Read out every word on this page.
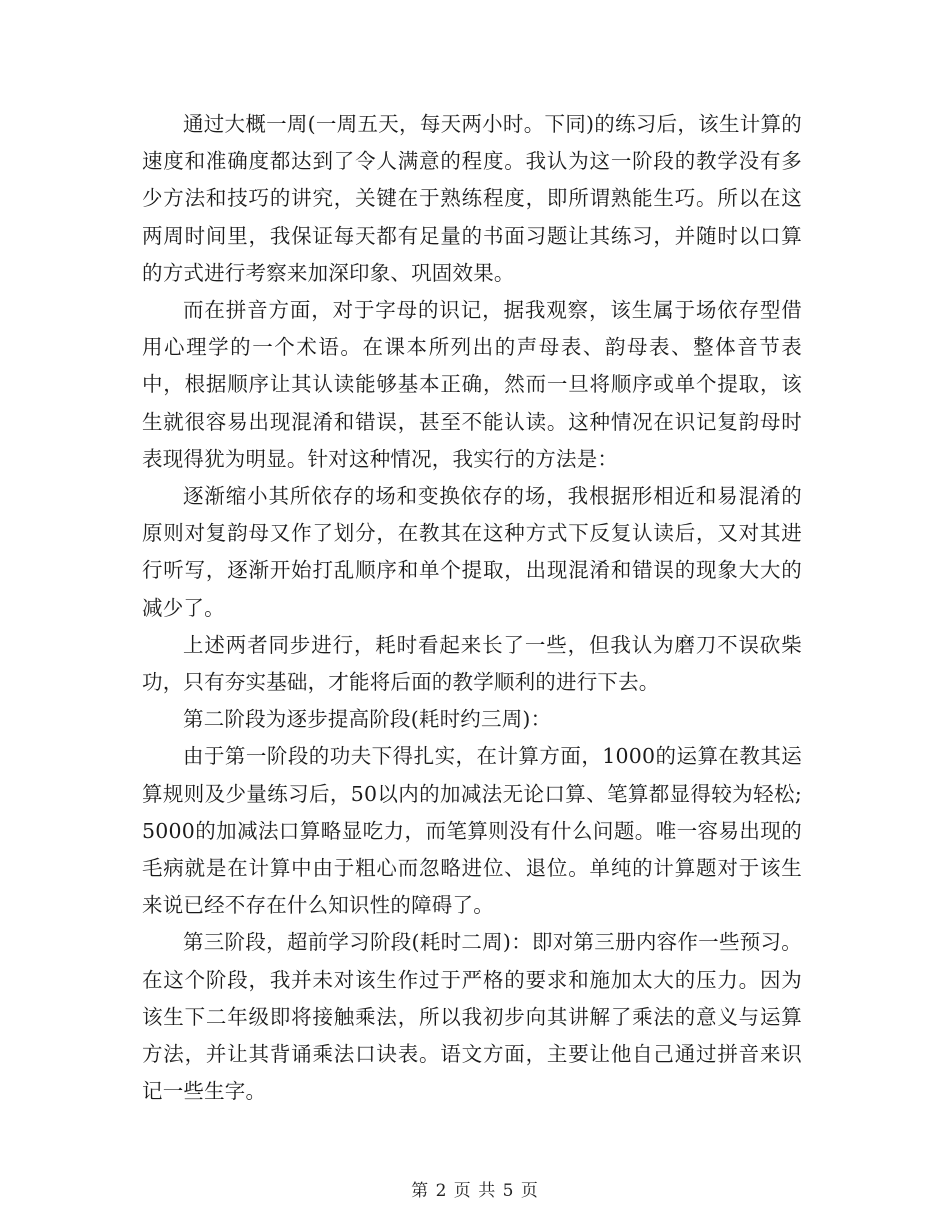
通过大概一周(一周五天，每天两小时。下同)的练习后，该生计算的速度和准确度都达到了令人满意的程度。我认为这一阶段的教学没有多少方法和技巧的讲究，关键在于熟练程度，即所谓熟能生巧。所以在这两周时间里，我保证每天都有足量的书面习题让其练习，并随时以口算的方式进行考察来加深印象、巩固效果。

而在拼音方面，对于字母的识记，据我观察，该生属于场依存型借用心理学的一个术语。在课本所列出的声母表、韵母表、整体音节表中，根据顺序让其认读能够基本正确，然而一旦将顺序或单个提取，该生就很容易出现混淆和错误，甚至不能认读。这种情况在识记复韵母时表现得犹为明显。针对这种情况，我实行的方法是：

逐渐缩小其所依存的场和变换依存的场，我根据形相近和易混淆的原则对复韵母又作了划分，在教其在这种方式下反复认读后，又对其进行听写，逐渐开始打乱顺序和单个提取，出现混淆和错误的现象大大的减少了。

上述两者同步进行，耗时看起来长了一些，但我认为磨刀不误砍柴功，只有夯实基础，才能将后面的教学顺利的进行下去。

第二阶段为逐步提高阶段(耗时约三周)：

由于第一阶段的功夫下得扎实，在计算方面，1000的运算在教其运算规则及少量练习后，50以内的加减法无论口算、笔算都显得较为轻松;5000的加减法口算略显吃力，而笔算则没有什么问题。唯一容易出现的毛病就是在计算中由于粗心而忽略进位、退位。单纯的计算题对于该生来说已经不存在什么知识性的障碍了。

第三阶段，超前学习阶段(耗时二周)：即对第三册内容作一些预习。在这个阶段，我并未对该生作过于严格的要求和施加太大的压力。因为该生下二年级即将接触乘法，所以我初步向其讲解了乘法的意义与运算方法，并让其背诵乘法口诀表。语文方面，主要让他自己通过拼音来识记一些生字。

第 2 页 共 5 页
